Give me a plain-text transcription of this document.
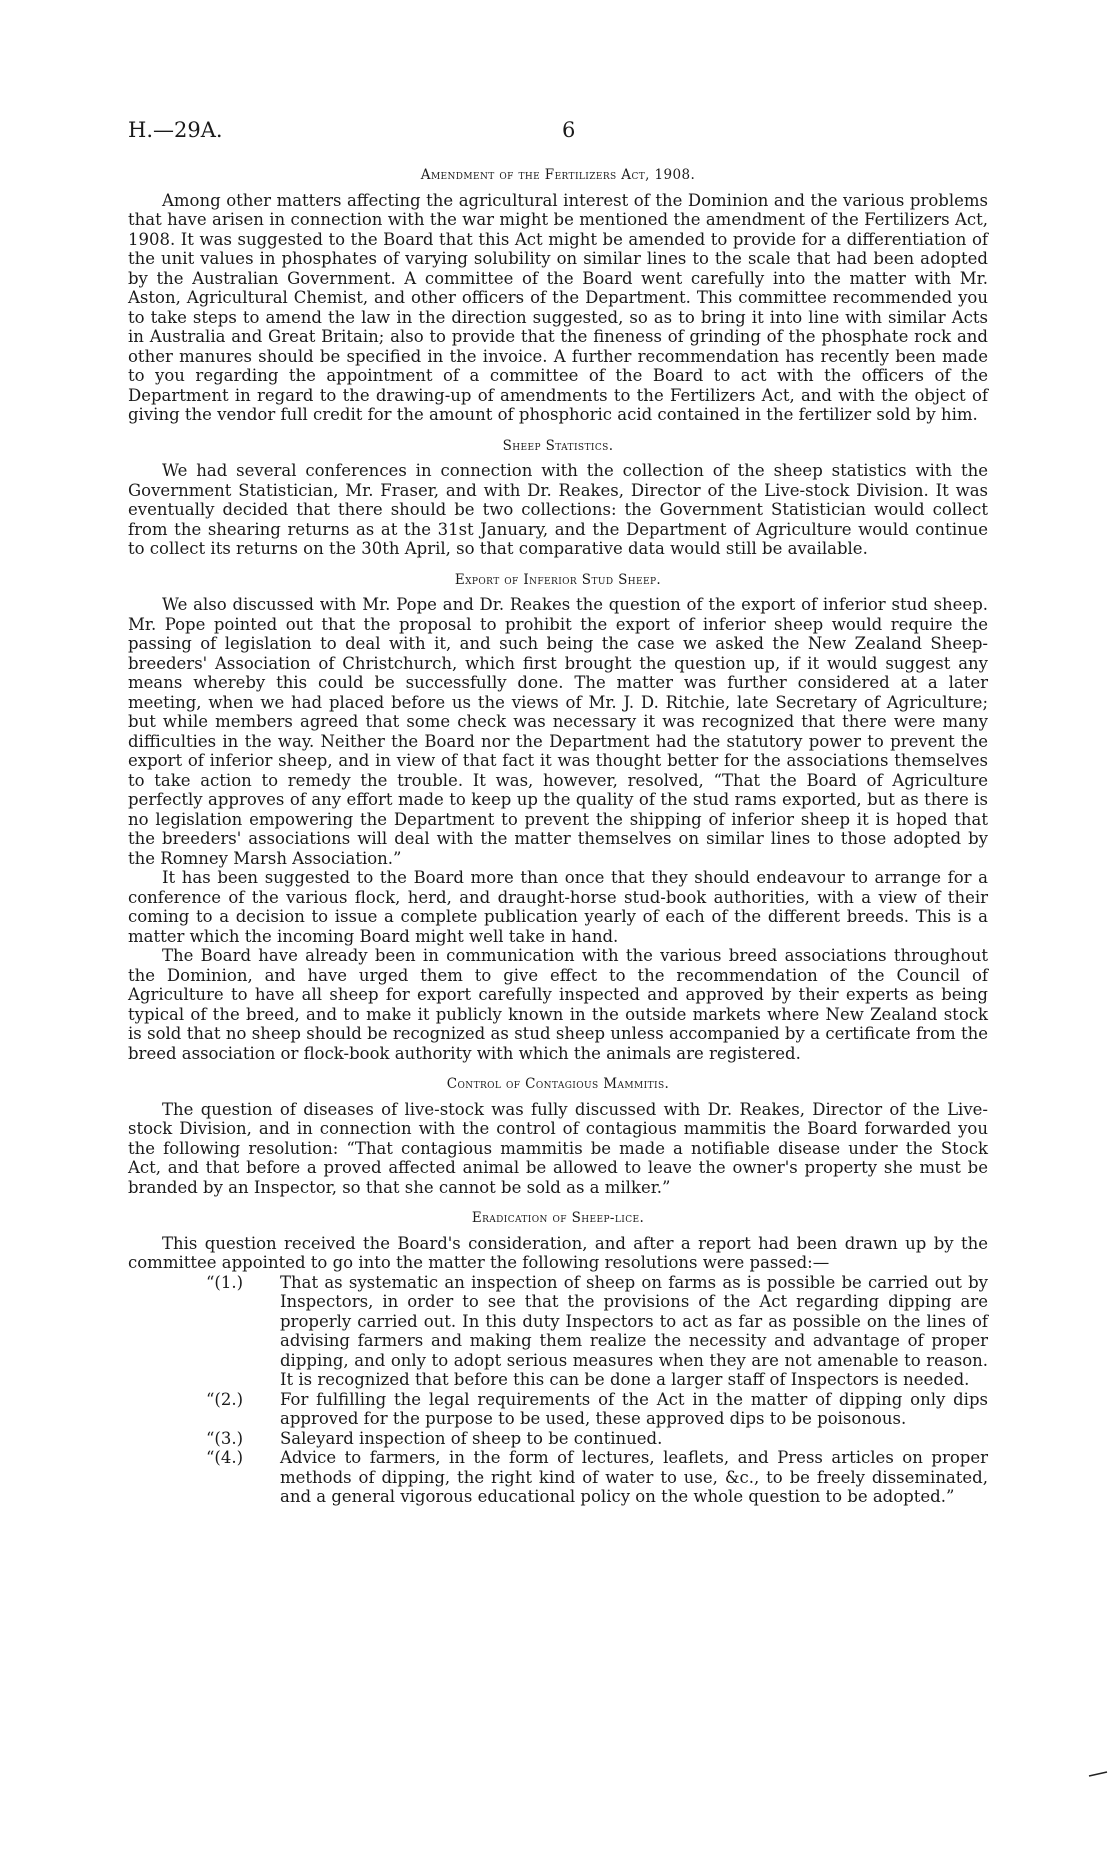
H.—29A.	6
Amendment of the Fertilizers Act, 1908.

Among other matters affecting the agricultural interest of the Dominion and the various problems that have arisen in connection with the war might be mentioned the amendment of the Fertilizers Act, 1908. It was suggested to the Board that this Act might be amended to provide for a differentiation of the unit values in phosphates of varying solubility on similar lines to the scale that had been adopted by the Australian Government. A committee of the Board went carefully into the matter with Mr. Aston, Agricultural Chemist, and other officers of the Department. This committee recommended you to take steps to amend the law in the direction suggested, so as to bring it into line with similar Acts in Australia and Great Britain; also to provide that the fineness of grinding of the phosphate rock and other manures should be specified in the invoice. A further recommendation has recently been made to you regarding the appointment of a committee of the Board to act with the officers of the Department in regard to the drawing-up of amendments to the Fertilizers Act, and with the object of giving the vendor full credit for the amount of phosphoric acid contained in the fertilizer sold by him.

Sheep Statistics.

We had several conferences in connection with the collection of the sheep statistics with the Government Statistician, Mr. Fraser, and with Dr. Reakes, Director of the Live-stock Division. It was eventually decided that there should be two collections: the Government Statistician would collect from the shearing returns as at the 31st January, and the Department of Agriculture would continue to collect its returns on the 30th April, so that comparative data would still be available.

Export of Inferior Stud Sheep.

We also discussed with Mr. Pope and Dr. Reakes the question of the export of inferior stud sheep. Mr. Pope pointed out that the proposal to prohibit the export of inferior sheep would require the passing of legislation to deal with it, and such being the case we asked the New Zealand Sheep-breeders' Association of Christchurch, which first brought the question up, if it would suggest any means whereby this could be successfully done. The matter was further considered at a later meeting, when we had placed before us the views of Mr. J. D. Ritchie, late Secretary of Agriculture; but while members agreed that some check was necessary it was recognized that there were many difficulties in the way. Neither the Board nor the Department had the statutory power to prevent the export of inferior sheep, and in view of that fact it was thought better for the associations themselves to take action to remedy the trouble. It was, however, resolved, “That the Board of Agriculture perfectly approves of any effort made to keep up the quality of the stud rams exported, but as there is no legislation empowering the Department to prevent the shipping of inferior sheep it is hoped that the breeders' associations will deal with the matter themselves on similar lines to those adopted by the Romney Marsh Association.”

It has been suggested to the Board more than once that they should endeavour to arrange for a conference of the various flock, herd, and draught-horse stud-book authorities, with a view of their coming to a decision to issue a complete publication yearly of each of the different breeds. This is a matter which the incoming Board might well take in hand.

The Board have already been in communication with the various breed associations throughout the Dominion, and have urged them to give effect to the recommendation of the Council of Agriculture to have all sheep for export carefully inspected and approved by their experts as being typical of the breed, and to make it publicly known in the outside markets where New Zealand stock is sold that no sheep should be recognized as stud sheep unless accompanied by a certificate from the breed association or flock-book authority with which the animals are registered.

Control of Contagious Mammitis.

The question of diseases of live-stock was fully discussed with Dr. Reakes, Director of the Live-stock Division, and in connection with the control of contagious mammitis the Board forwarded you the following resolution: “That contagious mammitis be made a notifiable disease under the Stock Act, and that before a proved affected animal be allowed to leave the owner's property she must be branded by an Inspector, so that she cannot be sold as a milker.”

Eradication of Sheep-lice.

This question received the Board's consideration, and after a report had been drawn up by the committee appointed to go into the matter the following resolutions were passed:—

“(1.) That as systematic an inspection of sheep on farms as is possible be carried out by Inspectors, in order to see that the provisions of the Act regarding dipping are properly carried out. In this duty Inspectors to act as far as possible on the lines of advising farmers and making them realize the necessity and advantage of proper dipping, and only to adopt serious measures when they are not amenable to reason. It is recognized that before this can be done a larger staff of Inspectors is needed.
“(2.) For fulfilling the legal requirements of the Act in the matter of dipping only dips approved for the purpose to be used, these approved dips to be poisonous.
“(3.) Saleyard inspection of sheep to be continued.
“(4.) Advice to farmers, in the form of lectures, leaflets, and Press articles on proper methods of dipping, the right kind of water to use, &c., to be freely disseminated, and a general vigorous educational policy on the whole question to be adopted.”
